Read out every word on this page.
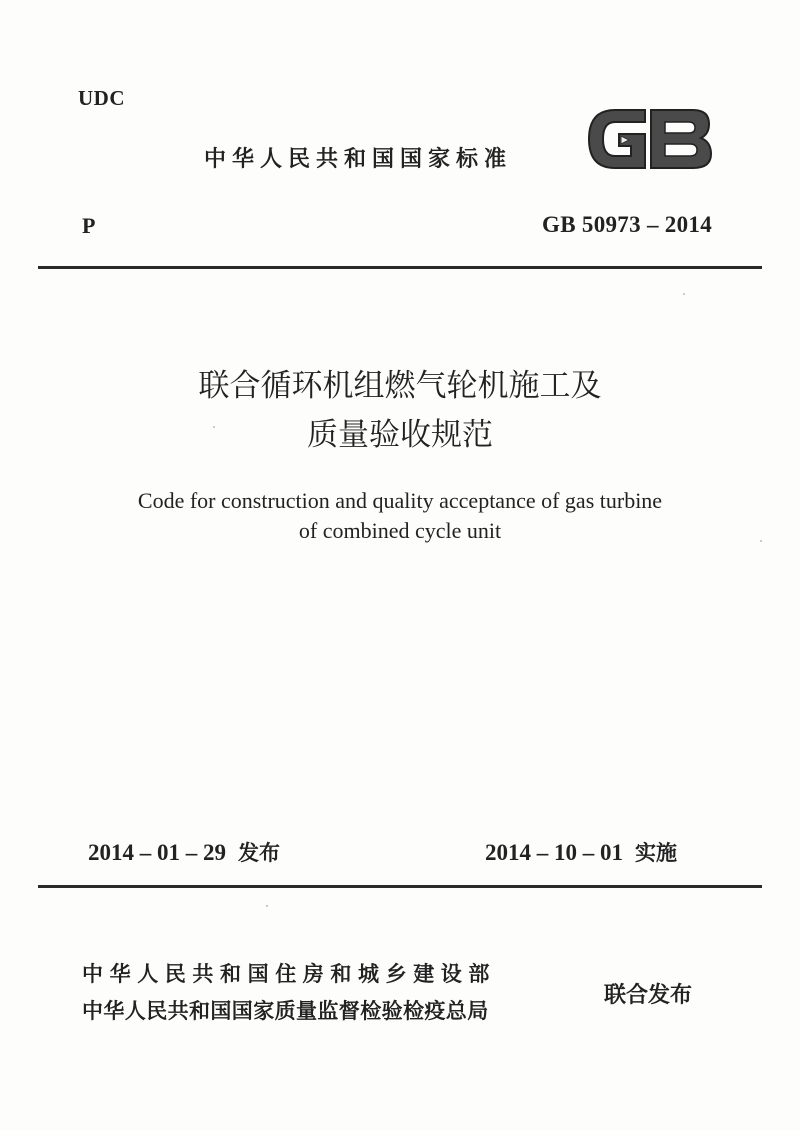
UDC
中华人民共和国国家标准
P	GB 50973 – 2014
联合循环机组燃气轮机施工及
质量验收规范
Code for construction and quality acceptance of gas turbine
of combined cycle unit
2014 – 01 – 29 发布	2014 – 10 – 01 实施
中华人民共和国住房和城乡建设部
中华人民共和国国家质量监督检验检疫总局
联合发布
